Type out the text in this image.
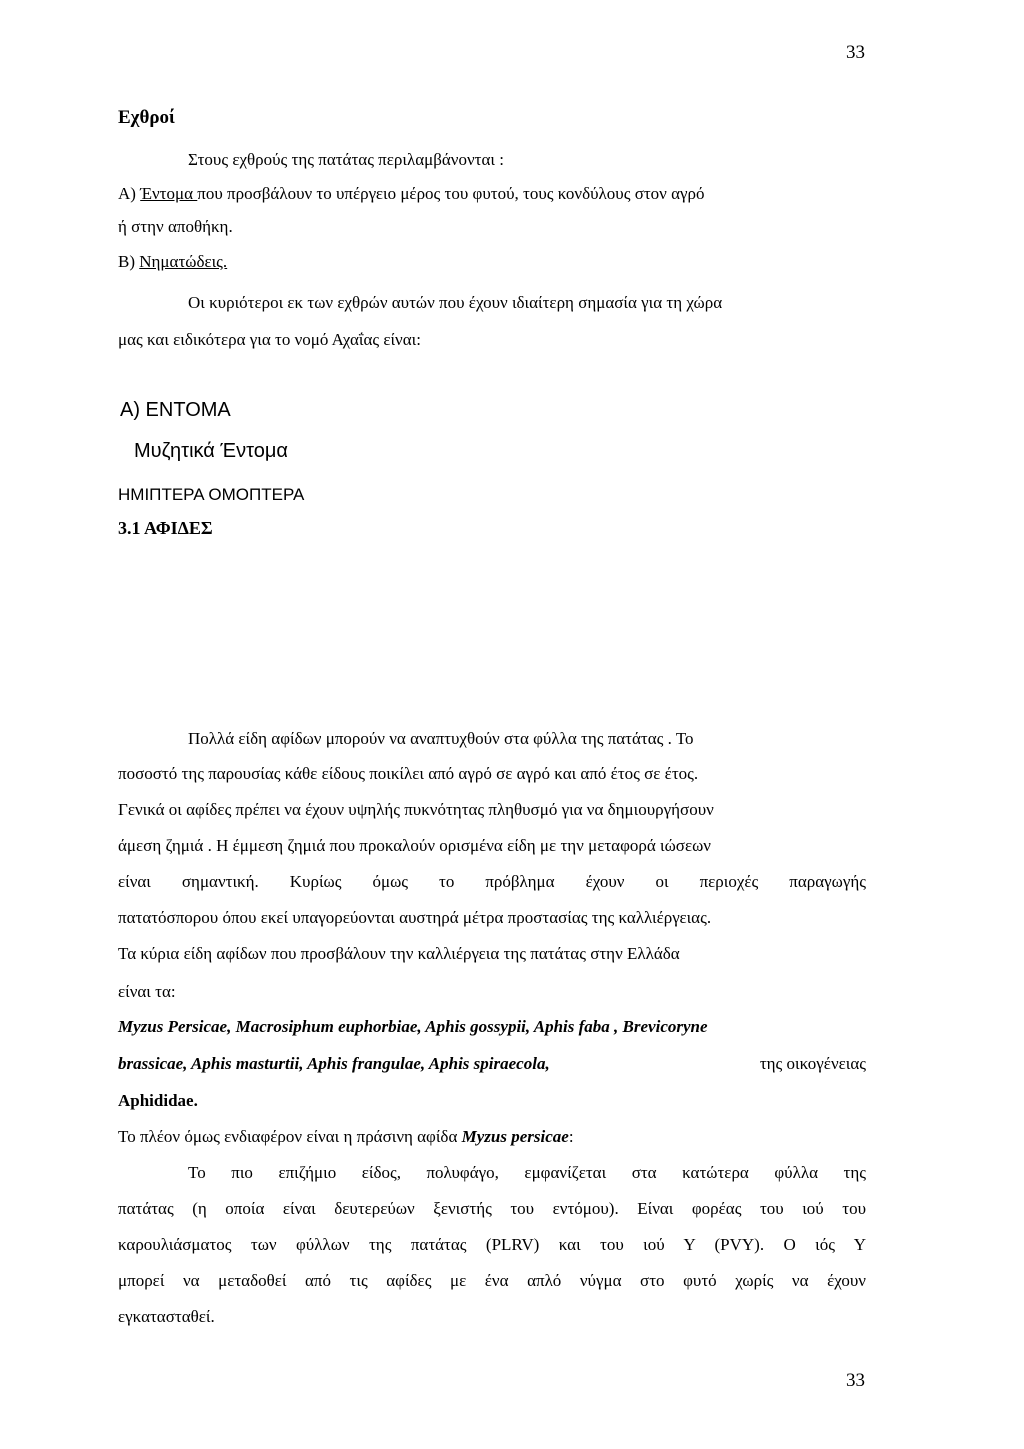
33
Εχθροί
Στους εχθρούς της πατάτας περιλαμβάνονται :
Α) Έντομα που προσβάλουν το υπέργειο μέρος του φυτού, τους κονδύλους στον αγρό
ή στην αποθήκη.
Β) Νηματώδεις.
Οι κυριότεροι εκ των εχθρών αυτών που έχουν ιδιαίτερη σημασία για τη χώρα
μας και ειδικότερα για το νομό Αχαΐας είναι:
Α) ΕΝΤΟΜΑ
Μυζητικά Έντομα
ΗΜΙΠΤΕΡΑ ΟΜΟΠΤΕΡΑ
3.1 ΑΦΙΔΕΣ
Πολλά είδη αφίδων μπορούν να αναπτυχθούν στα φύλλα της πατάτας . Το
ποσοστό της παρουσίας κάθε είδους ποικίλει από αγρό σε αγρό και από έτος σε έτος.
Γενικά οι αφίδες πρέπει να έχουν υψηλής πυκνότητας πληθυσμό για να δημιουργήσουν
άμεση ζημιά . Η έμμεση ζημιά που προκαλούν ορισμένα είδη με την μεταφορά ιώσεων
είναι σημαντική. Κυρίως όμως το πρόβλημα έχουν οι περιοχές παραγωγής
πατατόσπορου όπου εκεί υπαγορεύονται αυστηρά μέτρα προστασίας της καλλιέργειας.
Τα κύρια είδη αφίδων που προσβάλουν την καλλιέργεια της πατάτας στην Ελλάδα
είναι τα:
Myzus Persicae, Macrosiphum euphorbiae, Aphis gossypii, Aphis faba , Brevicoryne
brassicae, Aphis masturtii, Aphis frangulae, Aphis spiraecola,	της οικογένειας
Aphididae.
Το πλέον όμως ενδιαφέρον είναι η πράσινη αφίδα Myzus persicae:
Το πιο επιζήμιο είδος, πολυφάγο, εμφανίζεται στα κατώτερα φύλλα της
πατάτας (η οποία είναι δευτερεύων ξενιστής του εντόμου). Είναι φορέας του ιού του
καρουλιάσματος των φύλλων της πατάτας (PLRV) και του ιού Υ (PVY). Ο ιός Υ
μπορεί να μεταδοθεί από τις αφίδες με ένα απλό νύγμα στο φυτό χωρίς να έχουν
εγκατασταθεί.
33
